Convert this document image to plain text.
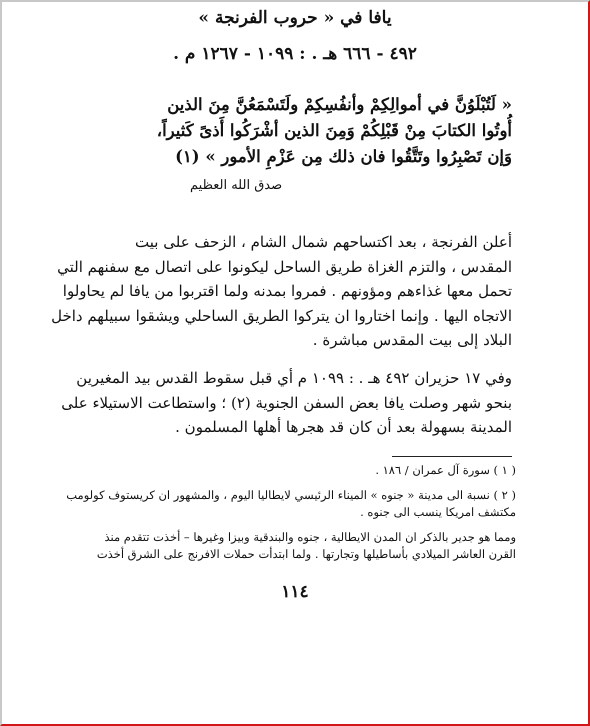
يافا في « حروب الفرنجة »
٤٩٢ - ٦٦٦ هـ . : ١٠٩٩ - ١٢٦٧ م .
« لَتُبْلَوُنَّ في أموالِكِمْ وأنفُسِكِمْ ولَتَسْمَعُنَّ مِنَ الذين
أُوتُوا الكتابَ مِنْ قَبْلِكُمْ وَمِنَ الذين أشْرَكُوا أَذىً كَثيراً،
وَإن تَصْبِرُوا وتَتَّقُوا فان ذلك مِن عَزْمِ الأمور » (١)
صدق الله العظيم
أعلن الفرنجة ، بعد اكتساحهم شمال الشام ، الزحف على بيت
المقدس ، والتزم الغزاة طريق الساحل ليكونوا على اتصال مع سفنهم التي
تحمل معها غذاءهم ومؤونهم . فمروا بمدنه ولما اقتربوا من يافا لم يحاولوا
الاتجاه اليها . وإنما اختاروا ان يتركوا الطريق الساحلي ويشقوا سبيلهم داخل
البلاد إلى بيت المقدس مباشرة .
وفي ١٧ حزيران ٤٩٢ هـ . : ١٠٩٩ م أي قبل سقوط القدس بيد المغيرين
بنحو شهر وصلت يافا بعض السفن الجنوية (٢) ؛ واستطاعت الاستيلاء على
المدينة بسهولة بعد أن كان قد هجرها أهلها المسلمون .
( ١ ) سورة آل عمران / ١٨٦ .
( ٢ ) نسبة الى مدينة « جنوه » الميناء الرئيسي لايطاليا اليوم ، والمشهور ان كريستوف كولومب
مكتشف امريكا ينسب الى جنوه .
ومما هو جدير بالذكر ان المدن الايطالية ، جنوه والبندقية وبيزا وغيرها – أخذت تتقدم منذ
القرن العاشر الميلادي بأساطيلها وتجارتها . ولما ابتدأت حملات الافرنج على الشرق أخذت
١١٤
